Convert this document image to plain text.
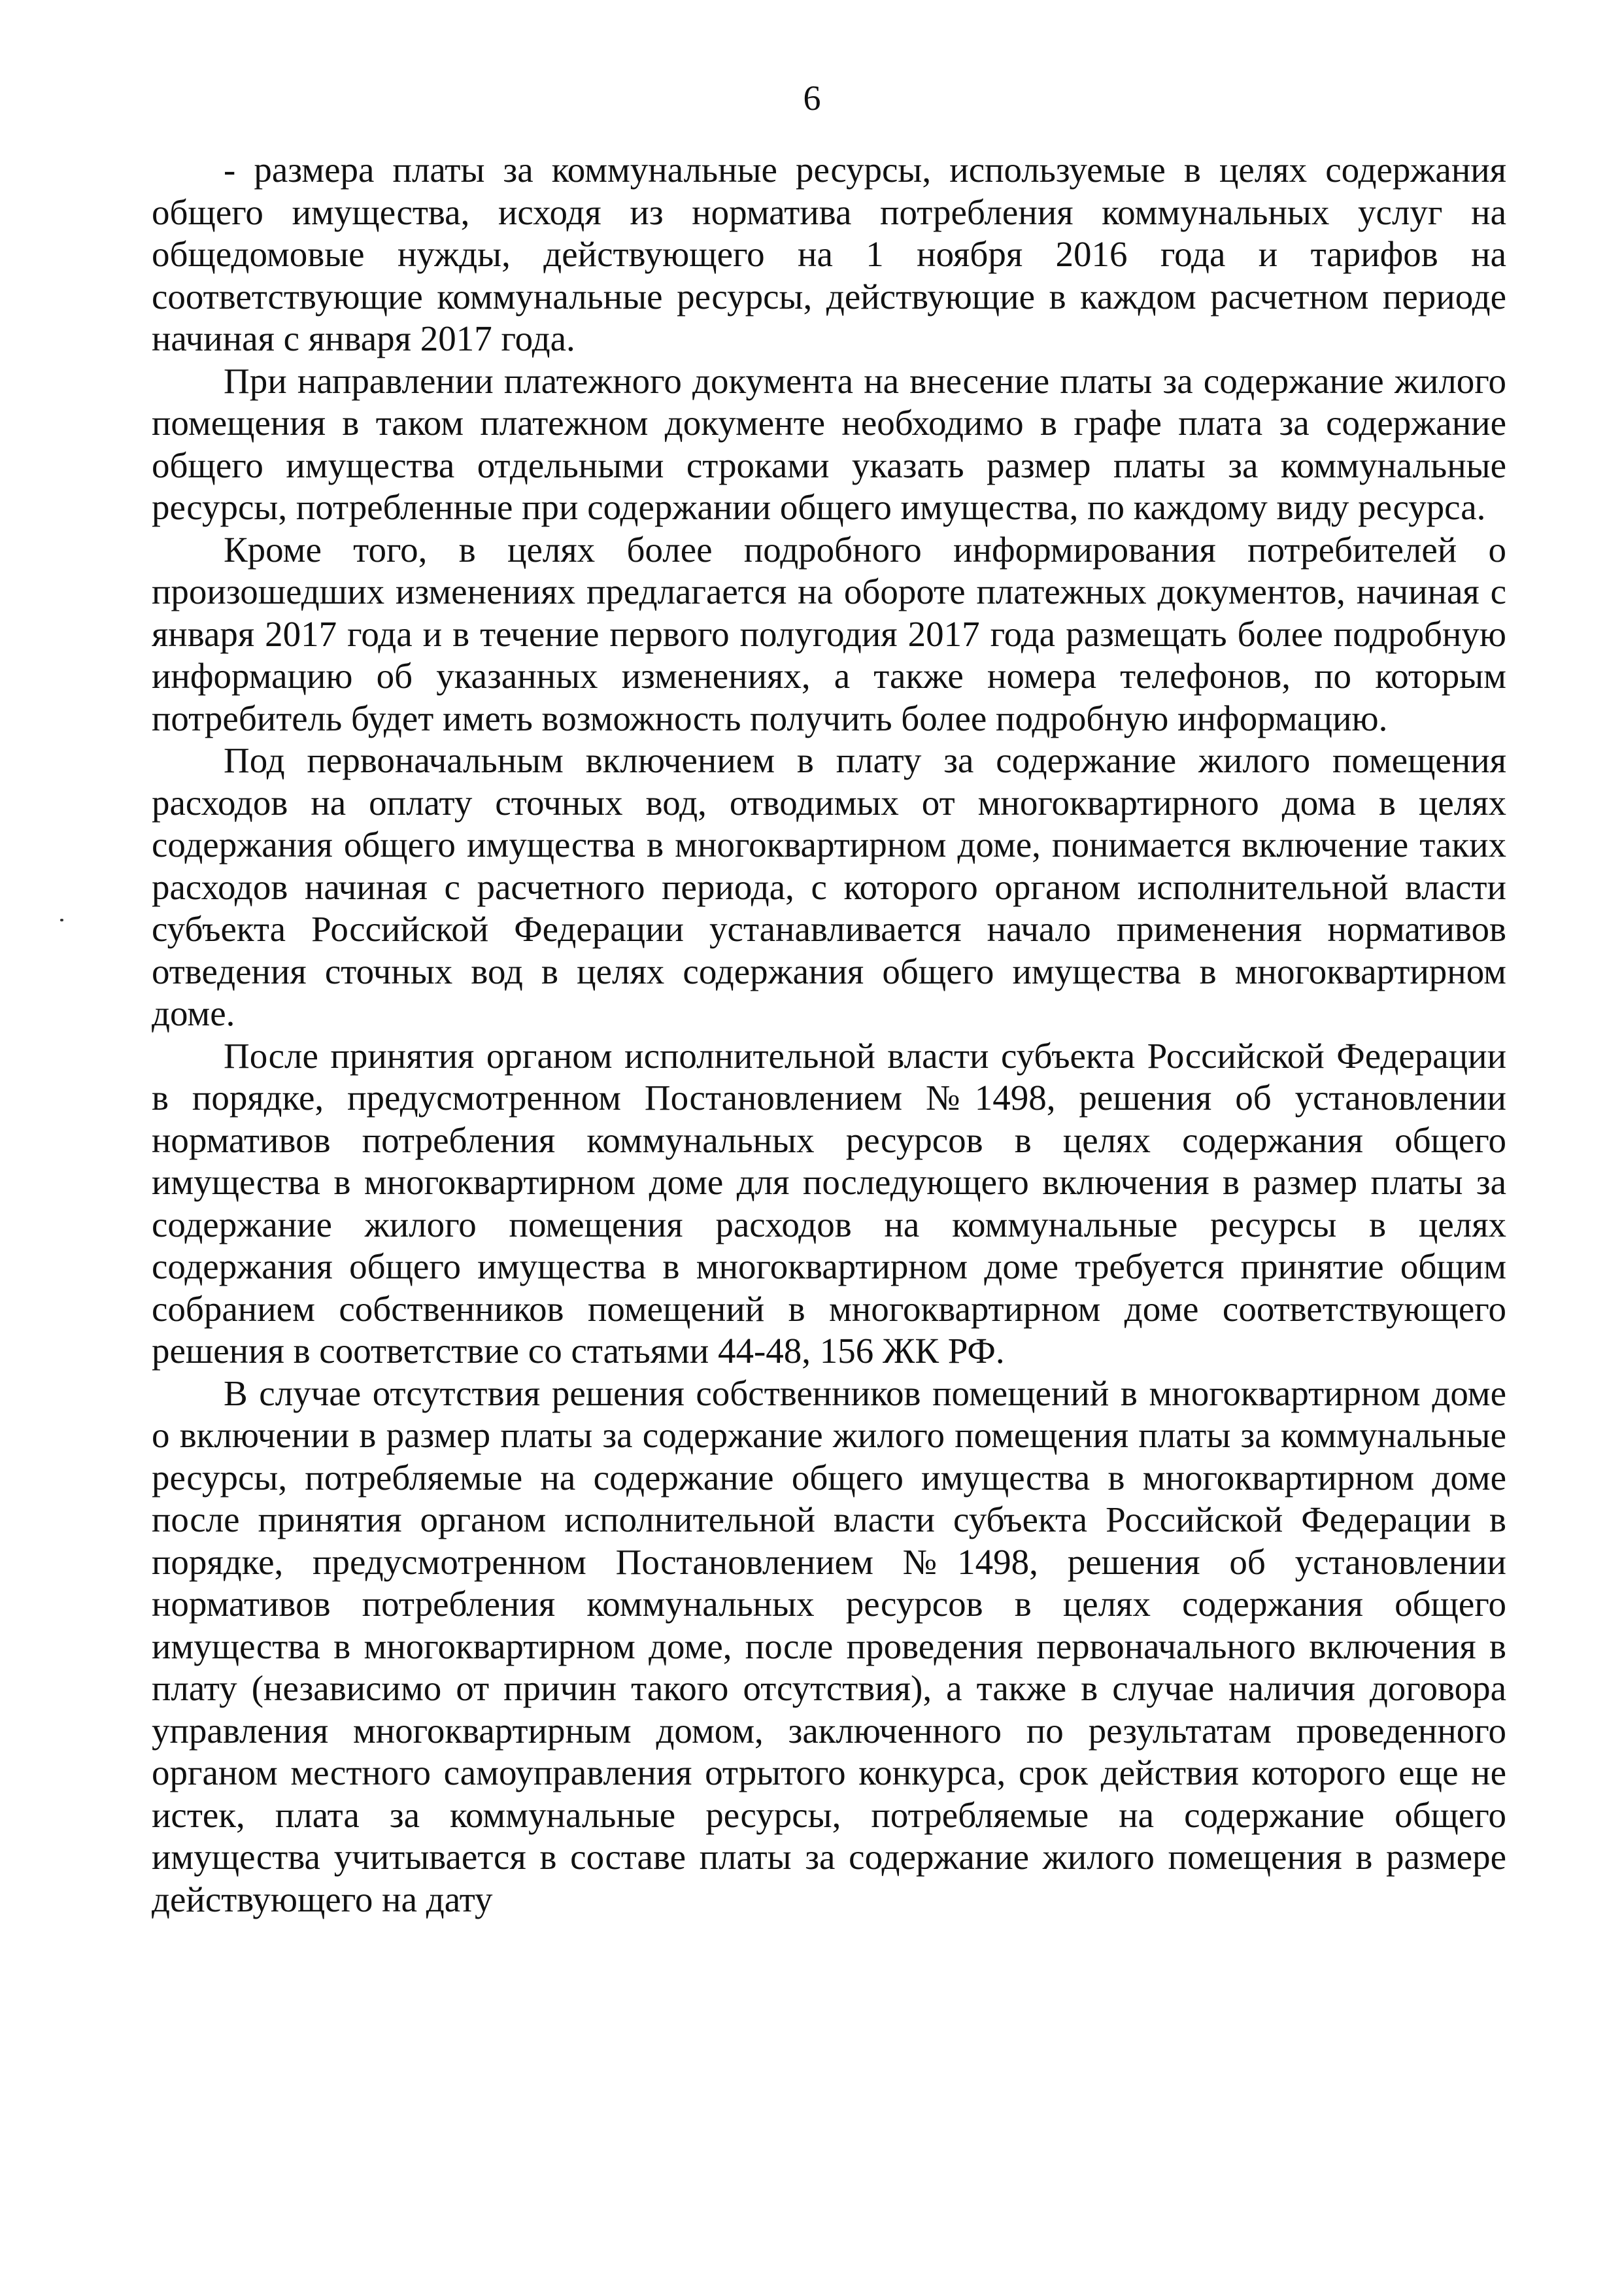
6

- размера платы за коммунальные ресурсы, используемые в целях содержания общего имущества, исходя из норматива потребления коммунальных услуг на общедомовые нужды, действующего на 1 ноября 2016 года и тарифов на соответствующие коммунальные ресурсы, действующие в каждом расчетном периоде начиная с января 2017 года.

При направлении платежного документа на внесение платы за содержание жилого помещения в таком платежном документе необходимо в графе плата за содержание общего имущества отдельными строками указать размер платы за коммунальные ресурсы, потребленные при содержании общего имущества, по каждому виду ресурса.

Кроме того, в целях более подробного информирования потребителей о произошедших изменениях предлагается на обороте платежных документов, начиная с января 2017 года и в течение первого полугодия 2017 года размещать более подробную информацию об указанных изменениях, а также номера телефонов, по которым потребитель будет иметь возможность получить более подробную информацию.

Под первоначальным включением в плату за содержание жилого помещения расходов на оплату сточных вод, отводимых от многоквартирного дома в целях содержания общего имущества в многоквартирном доме, понимается включение таких расходов начиная с расчетного периода, с которого органом исполнительной власти субъекта Российской Федерации устанавливается начало применения нормативов отведения сточных вод в целях содержания общего имущества в многоквартирном доме.

После принятия органом исполнительной власти субъекта Российской Федерации в порядке, предусмотренном Постановлением №1498, решения об установлении нормативов потребления коммунальных ресурсов в целях содержания общего имущества в многоквартирном доме для последующего включения в размер платы за содержание жилого помещения расходов на коммунальные ресурсы в целях содержания общего имущества в многоквартирном доме требуется принятие общим собранием собственников помещений в многоквартирном доме соответствующего решения в соответствие со статьями 44-48, 156 ЖК РФ.

В случае отсутствия решения собственников помещений в многоквартирном доме о включении в размер платы за содержание жилого помещения платы за коммунальные ресурсы, потребляемые на содержание общего имущества в многоквартирном доме после принятия органом исполнительной власти субъекта Российской Федерации в порядке, предусмотренном Постановлением №1498, решения об установлении нормативов потребления коммунальных ресурсов в целях содержания общего имущества в многоквартирном доме, после проведения первоначального включения в плату (независимо от причин такого отсутствия), а также в случае наличия договора управления многоквартирным домом, заключенного по результатам проведенного органом местного самоуправления отрытого конкурса, срок действия которого еще не истек, плата за коммунальные ресурсы, потребляемые на содержание общего имущества учитывается в составе платы за содержание жилого помещения в размере действующего на дату
